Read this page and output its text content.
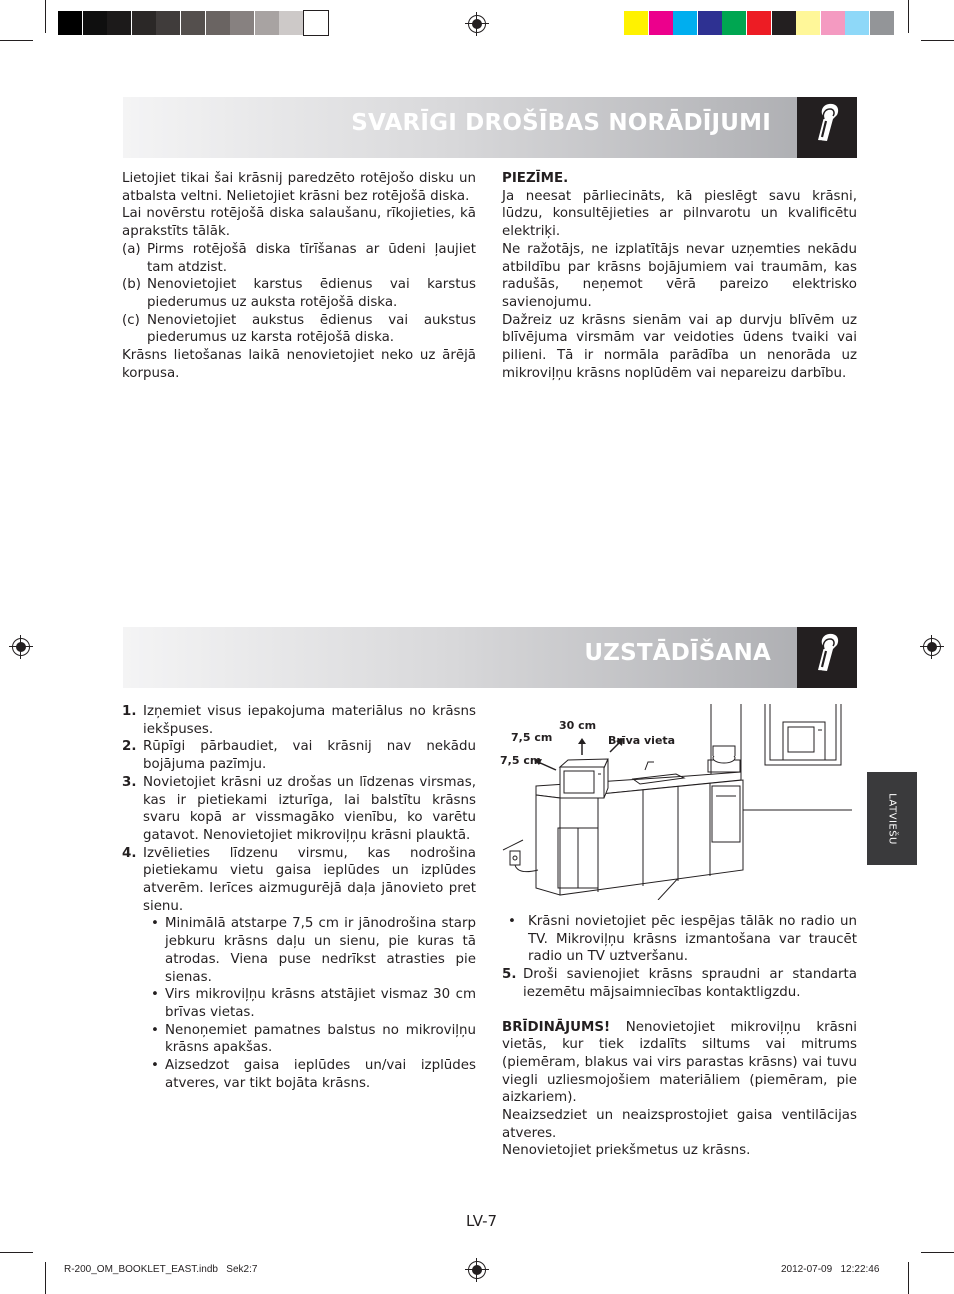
SVARĪGI DROŠĪBAS NORĀDĪJUMI

Lietojiet tikai šai krāsnij paredzēto rotējošo disku un atbalsta veltni. Nelietojiet krāsni bez rotējošā diska.

Lai novērstu rotējošā diska salaušanu, rīkojieties, kā aprakstīts tālāk.

(a) Pirms rotējošā diska tīrīšanas ar ūdeni ļaujiet tam atdzist.
(b) Nenovietojiet karstus ēdienus vai karstus piederumus uz auksta rotējošā diska.
(c) Nenovietojiet aukstus ēdienus vai aukstus piederumus uz karsta rotējošā diska.

Krāsns lietošanas laikā nenovietojiet neko uz ārējā korpusa.

PIEZĪME.

Ja neesat pārliecināts, kā pieslēgt savu krāsni, lūdzu, konsultējieties ar pilnvarotu un kvalificētu elektriķi.

Ne ražotājs, ne izplatītājs nevar uzņemties nekādu atbildību par krāsns bojājumiem vai traumām, kas radušās, neņemot vērā pareizo elektrisko savienojumu.

Dažreiz uz krāsns sienām vai ap durvju blīvēm uz blīvējuma virsmām var veidoties ūdens tvaiki vai pilieni. Tā ir normāla parādība un nenorāda uz mikroviļņu krāsns noplūdēm vai nepareizu darbību.

UZSTĀDĪŠANA
1. Izņemiet visus iepakojuma materiālus no krāsns iekšpuses.
2. Rūpīgi pārbaudiet, vai krāsnij nav nekādu bojājuma pazīmju.
3. Novietojiet krāsni uz drošas un līdzenas virsmas, kas ir pietiekami izturīga, lai balstītu krāsns svaru kopā ar vissmagāko vienību, ko varētu gatavot. Nenovietojiet mikroviļņu krāsni plauktā.
4. Izvēlieties līdzenu virsmu, kas nodrošina pietiekamu vietu gaisa ieplūdes un izplūdes atverēm. Ierīces aizmugurējā daļa jānovieto pret sienu.
• Minimālā atstarpe 7,5 cm ir jānodrošina starp jebkuru krāsns daļu un sienu, pie kuras tā atrodas. Viena puse nedrīkst atrasties pie sienas.
• Virs mikroviļņu krāsns atstājiet vismaz 30 cm brīvas vietas.
• Nenoņemiet pamatnes balstus no mikroviļņu krāsns apakšas.
• Aizsedzot gaisa ieplūdes un/vai izplūdes atveres, var tikt bojāta krāsns.
30 cm
7,5 cm
7,5 cm
Brīva vieta
• Krāsni novietojiet pēc iespējas tālāk no radio un TV. Mikroviļņu krāsns izmantošana var traucēt radio un TV uztveršanu.
5. Droši savienojiet krāsns spraudni ar standarta iezemētu mājsaimniecības kontaktligzdu.

BRĪDINĀJUMS! Nenovietojiet mikroviļņu krāsni vietās, kur tiek izdalīts siltums vai mitrums (piemēram, blakus vai virs parastas krāsns) vai tuvu viegli uzliesmojošiem materiāliem (piemēram, pie aizkariem).

Neaizsedziet un neaizsprostojiet gaisa ventilācijas atveres.

Nenovietojiet priekšmetus uz krāsns.

LATVIEŠU
LV-7
R-200_OM_BOOKLET_EAST.indb   Sek2:7	2012-07-09   12:22:46
